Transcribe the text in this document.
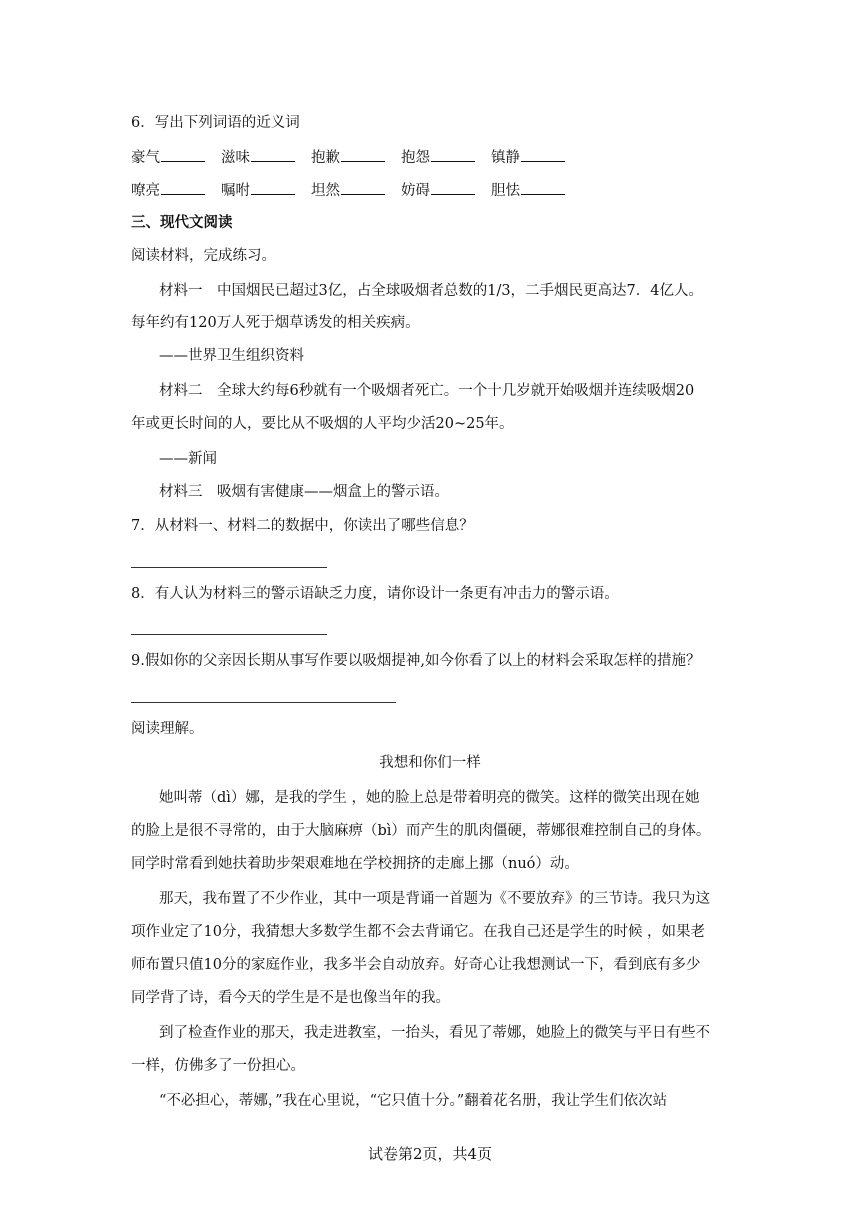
6．写出下列词语的近义词
豪气	滋味	抱歉	抱怨	镇静
嘹亮	嘱咐	坦然	妨碍	胆怯
三、现代文阅读
阅读材料，完成练习。
材料一　中国烟民已超过3亿，占全球吸烟者总数的1/3，二手烟民更高达7．4亿人。
每年约有120万人死于烟草诱发的相关疾病。
——世界卫生组织资料
材料二　全球大约每6秒就有一个吸烟者死亡。一个十几岁就开始吸烟并连续吸烟20
年或更长时间的人，要比从不吸烟的人平均少活20~25年。
——新闻
材料三　吸烟有害健康——烟盒上的警示语。
7．从材料一、材料二的数据中，你读出了哪些信息？
8．有人认为材料三的警示语缺乏力度，请你设计一条更有冲击力的警示语。
9.假如你的父亲因长期从事写作要以吸烟提神,如今你看了以上的材料会采取怎样的措施？
阅读理解。
我想和你们一样
她叫蒂（dì）娜，是我的学生 ，她的脸上总是带着明亮的微笑。这样的微笑出现在她
的脸上是很不寻常的，由于大脑麻痹（bì）而产生的肌肉僵硬，蒂娜很难控制自己的身体。
同学时常看到她扶着助步架艰难地在学校拥挤的走廊上挪（nuó）动。
那天，我布置了不少作业，其中一项是背诵一首题为《不要放弃》的三节诗。我只为这
项作业定了10分，我猜想大多数学生都不会去背诵它。在我自己还是学生的时候 ，如果老
师布置只值10分的家庭作业，我多半会自动放弃。好奇心让我想测试一下，看到底有多少
同学背了诗，看今天的学生是不是也像当年的我。
到了检查作业的那天，我走进教室，一抬头，看见了蒂娜，她脸上的微笑与平日有些不
一样，仿佛多了一份担心。
“不必担心，蒂娜，”我在心里说，“它只值十分。”翻着花名册，我让学生们依次站
试卷第2页，共4页
